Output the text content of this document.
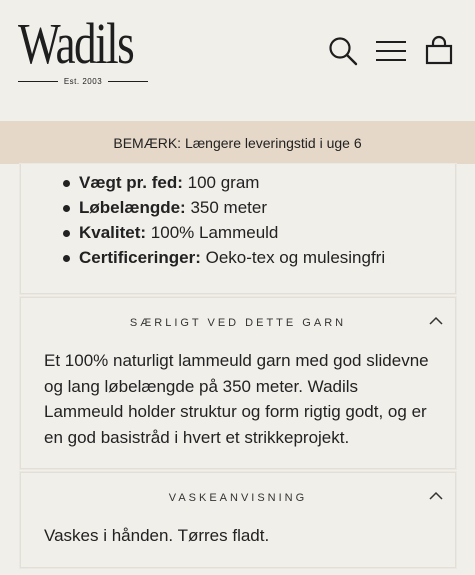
Wadils
Est. 2003
BEMÆRK: Længere leveringstid i uge 6
Vægt pr. fed: 100 gram
Løbelængde: 350 meter
Kvalitet: 100% Lammeuld
Certificeringer: Oeko-tex og mulesingfri
SÆRLIGT VED DETTE GARN
Et 100% naturligt lammeuld garn med god slidevne og lang løbelængde på 350 meter. Wadils Lammeuld holder struktur og form rigtig godt, og er en god basistråd i hvert et strikkeprojekt.
VASKEANVISNING
Vaskes i hånden. Tørres fladt.
